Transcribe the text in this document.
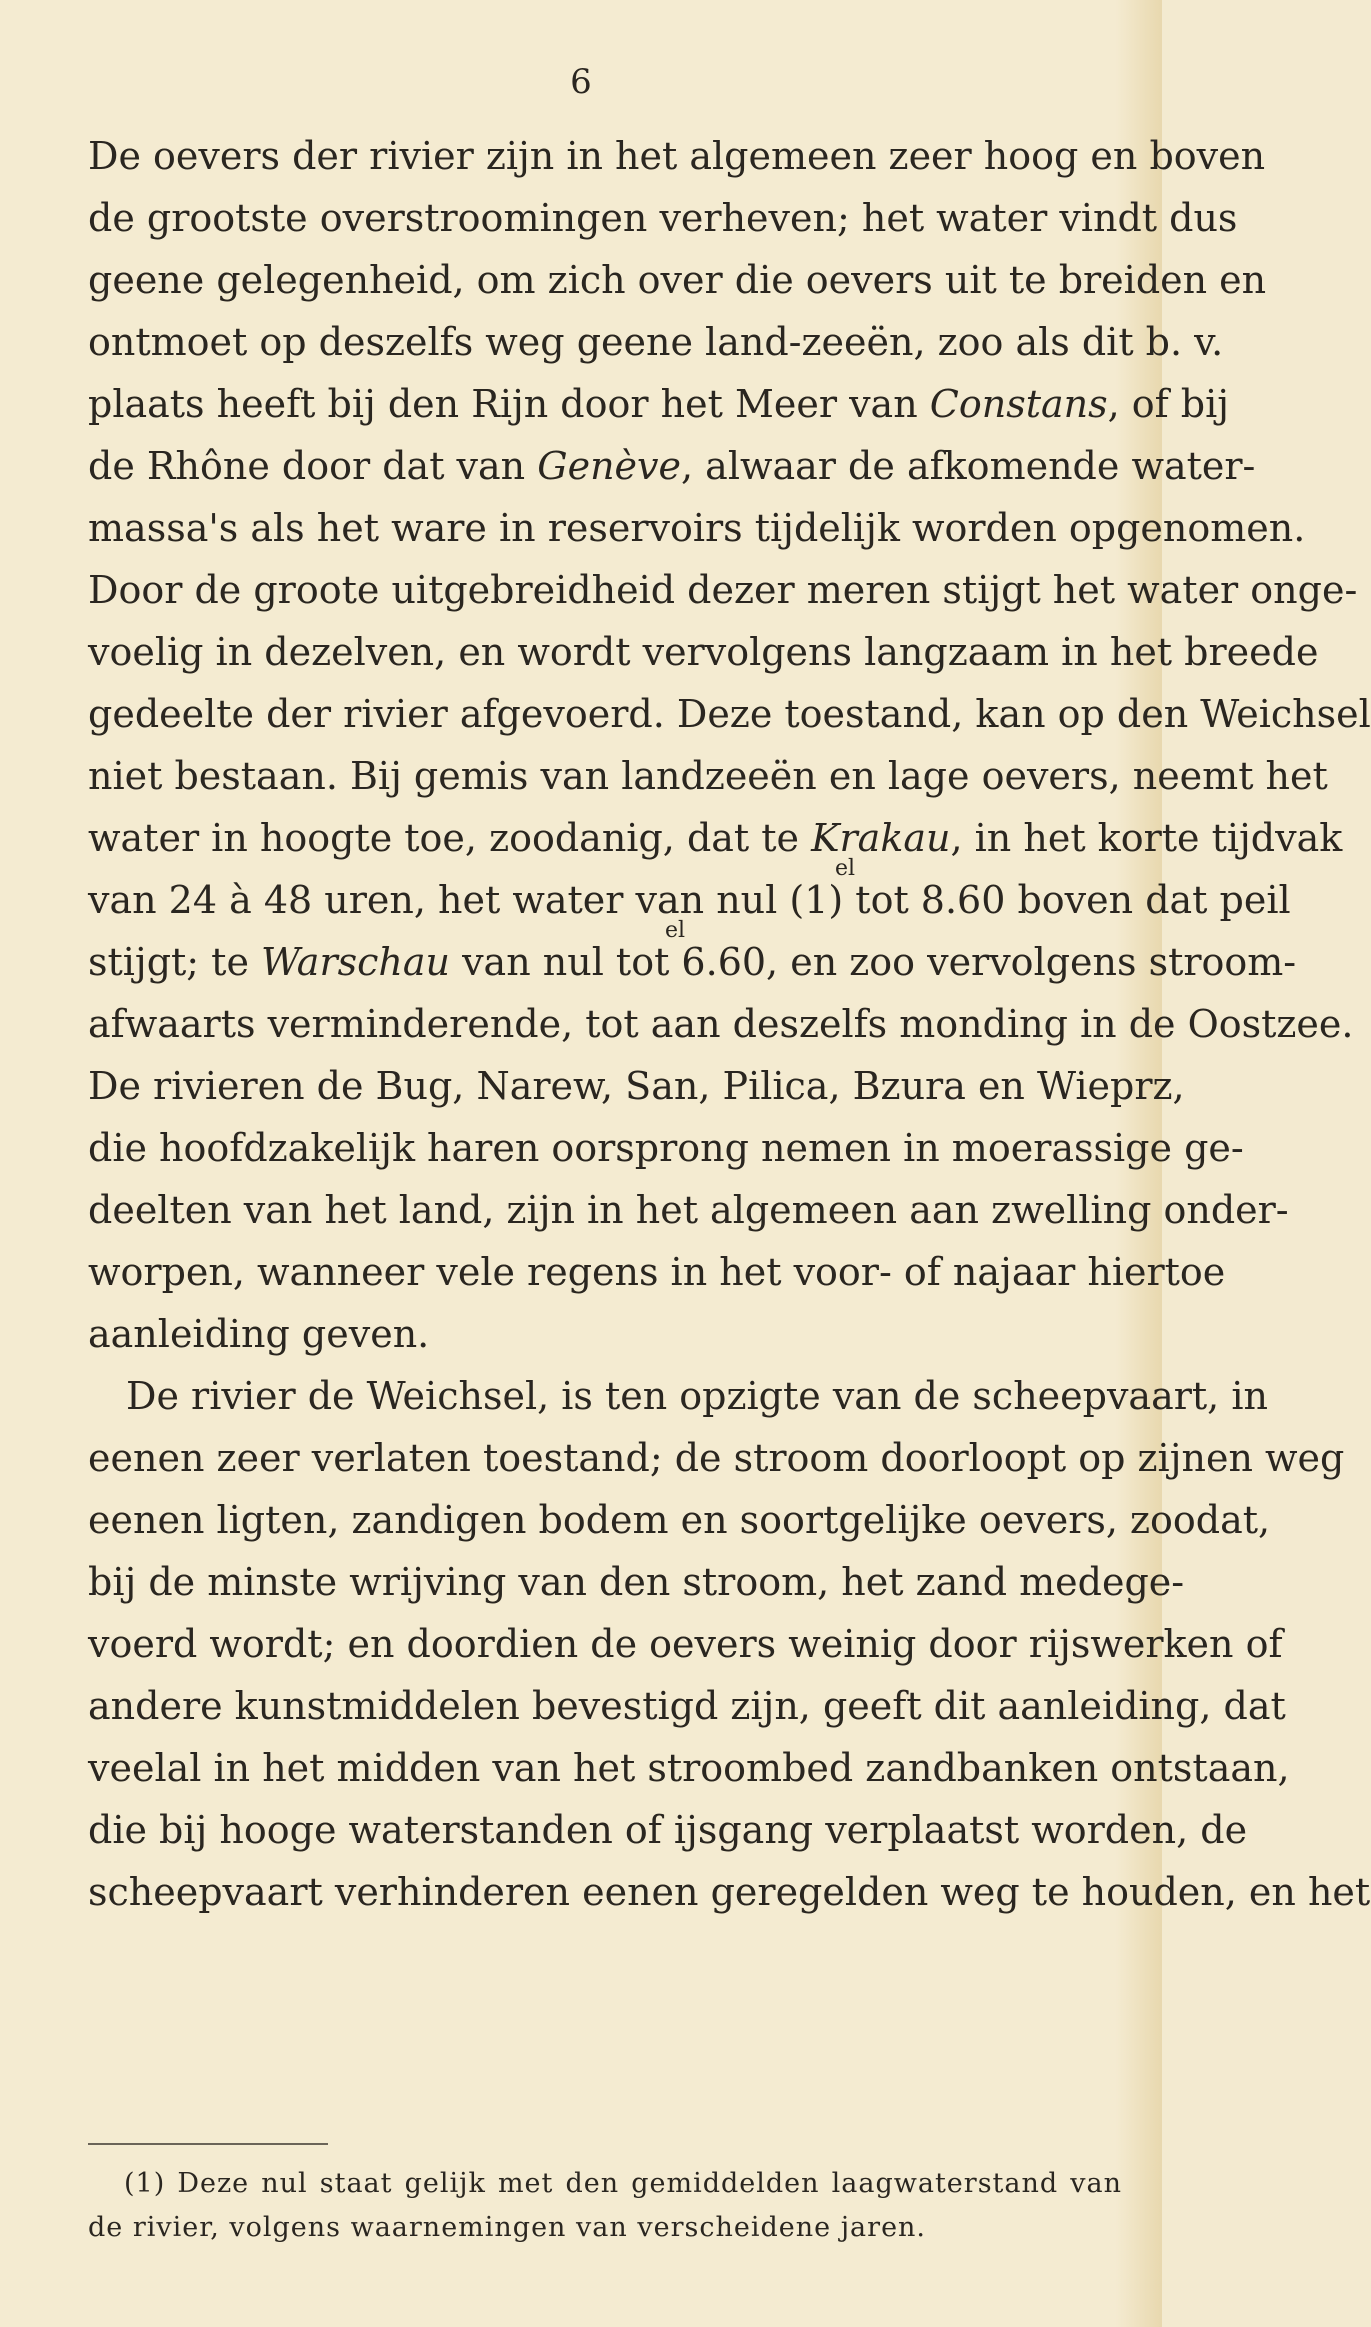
6
De oevers der rivier zijn in het algemeen zeer hoog en boven
de grootste overstroomingen verheven; het water vindt dus
geene gelegenheid, om zich over die oevers uit te breiden en
ontmoet op deszelfs weg geene land-zeeën, zoo als dit b. v.
plaats heeft bij den Rijn door het Meer van Constans, of bij
de Rhône door dat van Genève, alwaar de afkomende water-
massa's als het ware in reservoirs tijdelijk worden opgenomen.
Door de groote uitgebreidheid dezer meren stijgt het water onge-
voelig in dezelven, en wordt vervolgens langzaam in het breede
gedeelte der rivier afgevoerd. Deze toestand, kan op den Weichsel
niet bestaan. Bij gemis van landzeeën en lage oevers, neemt het
water in hoogte toe, zoodanig, dat te Krakau, in het korte tijdvak
van 24 à 48 uren, het water van nul (1) tot 8.60 boven dat peil
stijgt; te Warschau van nul tot 6.60, en zoo vervolgens stroom-
afwaarts verminderende, tot aan deszelfs monding in de Oostzee.
De rivieren de Bug, Narew, San, Pilica, Bzura en Wieprz,
die hoofdzakelijk haren oorsprong nemen in moerassige ge-
deelten van het land, zijn in het algemeen aan zwelling onder-
worpen, wanneer vele regens in het voor- of najaar hiertoe
aanleiding geven.
De rivier de Weichsel, is ten opzigte van de scheepvaart, in
eenen zeer verlaten toestand; de stroom doorloopt op zijnen weg
eenen ligten, zandigen bodem en soortgelijke oevers, zoodat,
bij de minste wrijving van den stroom, het zand medege-
voerd wordt; en doordien de oevers weinig door rijswerken of
andere kunstmiddelen bevestigd zijn, geeft dit aanleiding, dat
veelal in het midden van het stroombed zandbanken ontstaan,
die bij hooge waterstanden of ijsgang verplaatst worden, de
scheepvaart verhinderen eenen geregelden weg te houden, en het
el
el
(1) Deze nul staat gelijk met den gemiddelden laagwaterstand van
de rivier, volgens waarnemingen van verscheidene jaren.
